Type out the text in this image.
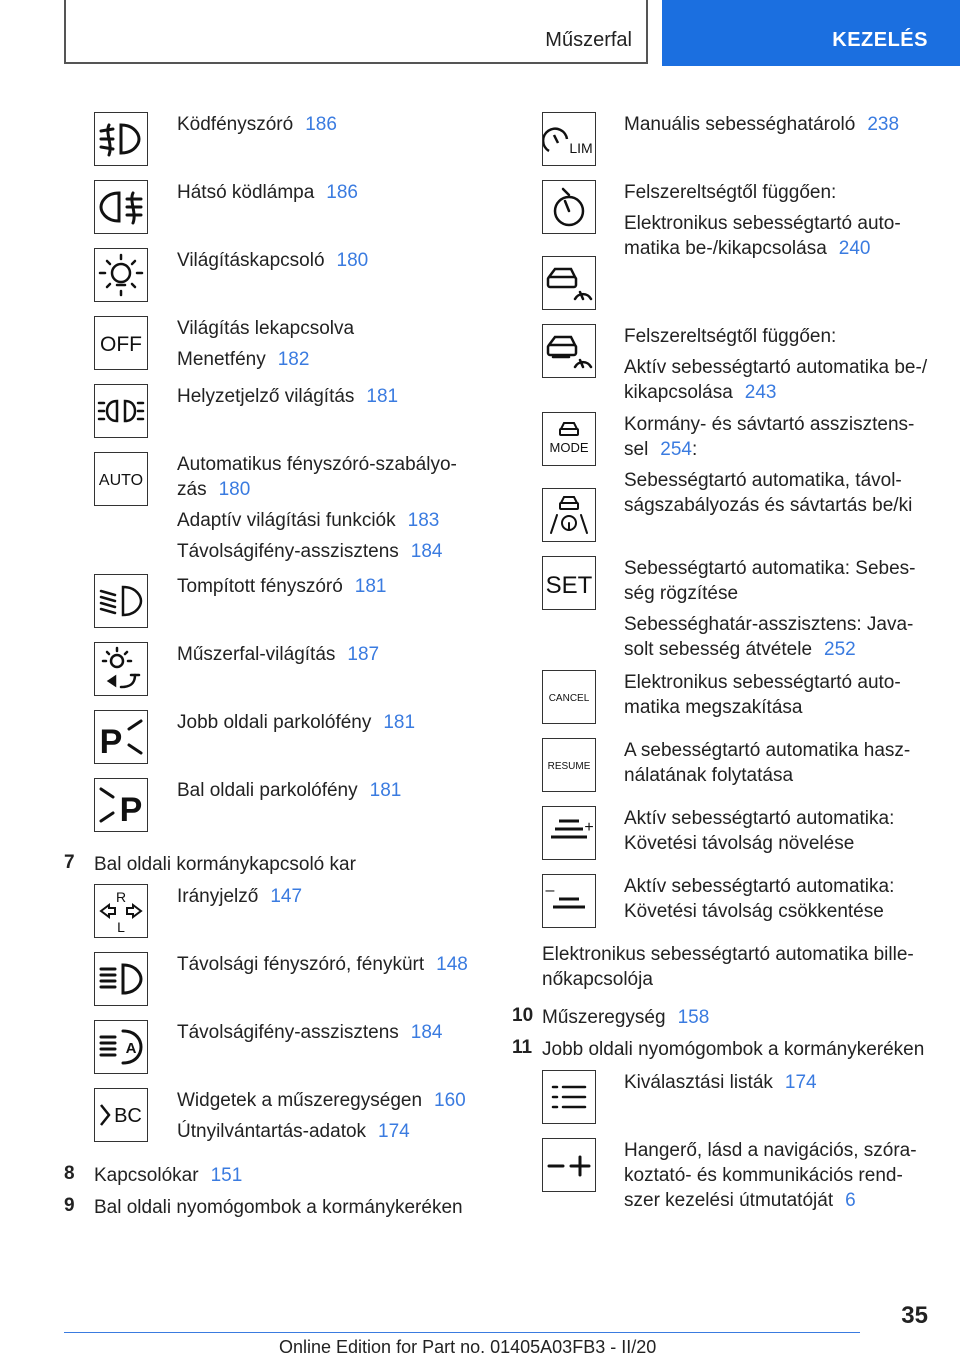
Műszerfal	KEZELÉS
Ködfényszóró 186
Hátsó ködlámpa 186
Világításkapcsoló 180
OFF
Világítás lekapcsolva
Menetfény 182
Helyzetjelző világítás 181
AUTO
Automatikus fényszóró-szabályo-
zás 180
Adaptív világítási funkciók 183
Távolságifény-asszisztens 184
Tompított fényszóró 181
Műszerfal-világítás 187
P
Jobb oldali parkolófény 181
P
Bal oldali parkolófény 181
7 Bal oldali kormánykapcsoló kar
R
L
Irányjelző 147
Távolsági fényszóró, fénykürt 148
A
Távolságifény-asszisztens 184
BC
Widgetek a műszeregységen 160
Útnyilvántartás-adatok 174
8 Kapcsolókar 151
9 Bal oldali nyomógombok a kormánykeréken
LIM
Manuális sebességhatároló 238
Felszereltségtől függően:
Elektronikus sebességtartó auto-
matika be-/kikapcsolása 240
Felszereltségtől függően:
Aktív sebességtartó automatika be-/
kikapcsolása 243
MODE
Kormány- és sávtartó asszisztens-
sel 254:
Sebességtartó automatika, távol-
ságszabályozás és sávtartás be/ki
SET
Sebességtartó automatika: Sebes-
ség rögzítése
Sebességhatár-asszisztens: Java-
solt sebesség átvétele 252
CANCEL
Elektronikus sebességtartó auto-
matika megszakítása
RESUME
A sebességtartó automatika hasz-
nálatának folytatása
+ Aktív sebességtartó automatika:
Követési távolság növelése
–	Aktív sebességtartó automatika:
Követési távolság csökkentése
Elektronikus sebességtartó automatika bille-
nőkapcsolója
10 Műszeregység 158
11 Jobb oldali nyomógombok a kormánykeréken
Kiválasztási listák 174
Hangerő, lásd a navigációs, szóra-
koztató- és kommunikációs rend-
szer kezelési útmutatóját 6
35
Online Edition for Part no. 01405A03FB3 - II/20
